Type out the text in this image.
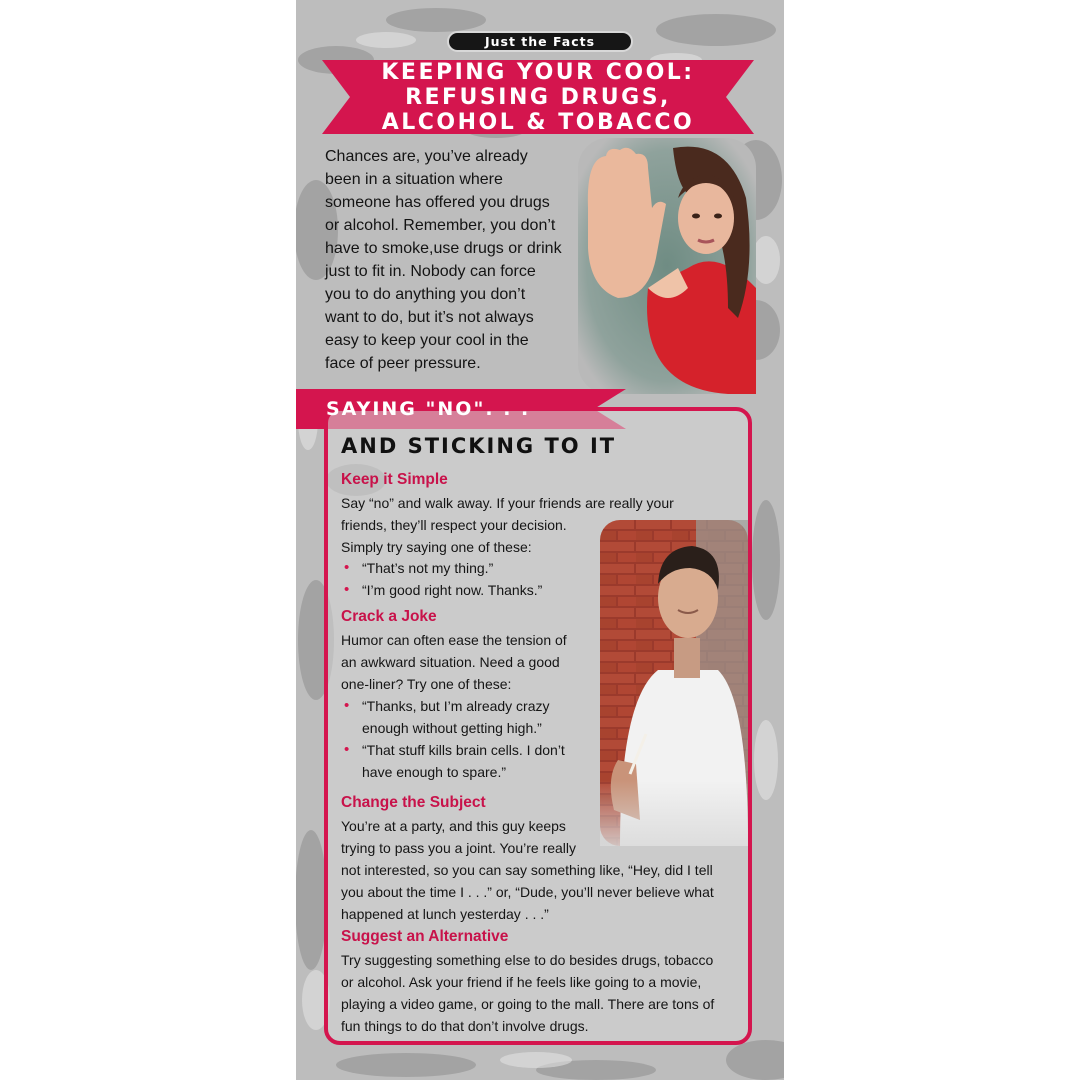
Just the Facts
KEEPING YOUR COOL:
REFUSING DRUGS,
ALCOHOL & TOBACCO
Chances are, you’ve already
been in a situation where
someone has offered you drugs
or alcohol. Remember, you don’t
have to smoke,use drugs or drink
just to fit in. Nobody can force
you to do anything you don’t
want to do, but it’s not always
easy to keep your cool in the
face of peer pressure.
SAYING "NO". . .
AND STICKING TO IT
Keep it Simple
Say “no” and walk away. If your friends are really your
friends, they’ll respect your decision.
Simply try saying one of these:
• “That’s not my thing.”
• “I’m good right now. Thanks.”
Crack a Joke
Humor can often ease the tension of
an awkward situation. Need a good
one-liner? Try one of these:
• “Thanks, but I’m already crazy
enough without getting high.”
• “That stuff kills brain cells. I don’t
have enough to spare.”
Change the Subject
You’re at a party, and this guy keeps
trying to pass you a joint. You’re really
not interested, so you can say something like, “Hey, did I tell
you about the time I . . .” or, “Dude, you’ll never believe what
happened at lunch yesterday . . .”
Suggest an Alternative
Try suggesting something else to do besides drugs, tobacco
or alcohol. Ask your friend if he feels like going to a movie,
playing a video game, or going to the mall. There are tons of
fun things to do that don’t involve drugs.
